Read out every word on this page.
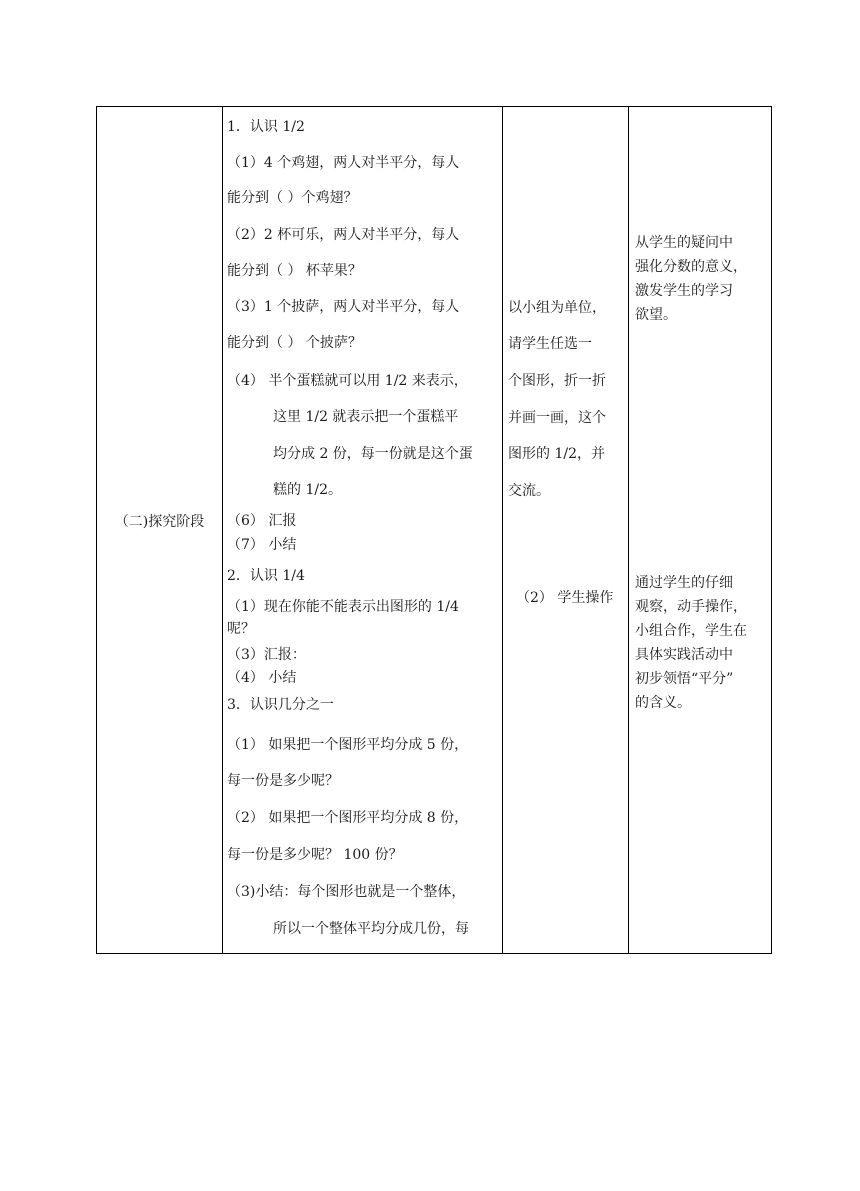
（二)探究阶段
1．认识 1/2
（1）4 个鸡翅，两人对半平分，每人
能分到（ ）个鸡翅？
（2）2 杯可乐，两人对半平分，每人
能分到（ ） 杯苹果？
（3）1 个披萨，两人对半平分，每人
能分到（ ） 个披萨？
（4） 半个蛋糕就可以用 1/2 来表示，
这里 1/2 就表示把一个蛋糕平
均分成 2 份，每一份就是这个蛋
糕的 1/2。
（6） 汇报
（7） 小结
2．认识 1/4
（1）现在你能不能表示出图形的 1/4
呢？
（3）汇报：
（4） 小结
3．认识几分之一
（1） 如果把一个图形平均分成 5 份，
每一份是多少呢？
（2） 如果把一个图形平均分成 8 份，
每一份是多少呢？ 100 份？
（3)小结：每个图形也就是一个整体，
所以一个整体平均分成几份，每
以小组为单位，
请学生任选一
个图形，折一折
并画一画，这个
图形的 1/2，并
交流。
（2） 学生操作
从学生的疑问中
强化分数的意义，
激发学生的学习
欲望。
通过学生的仔细
观察，动手操作，
小组合作，学生在
具体实践活动中
初步领悟“平分”
的含义。
